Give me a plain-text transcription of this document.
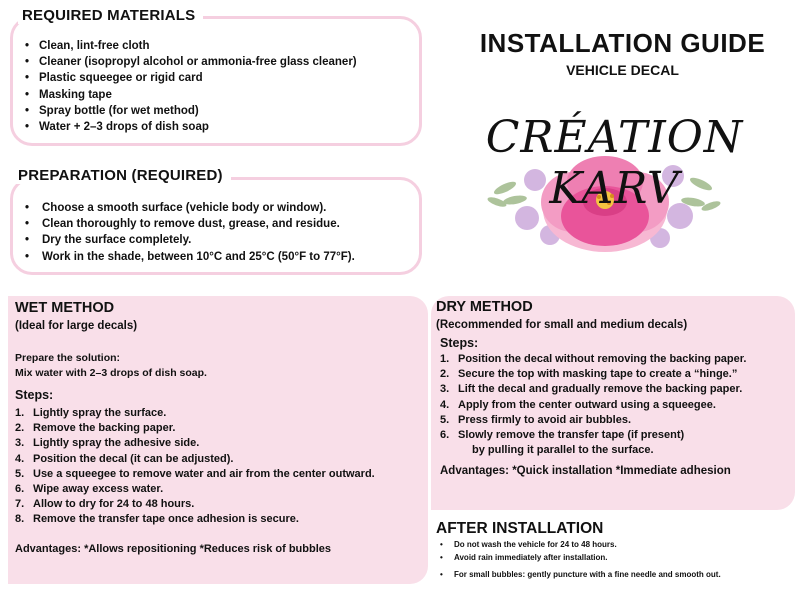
REQUIRED MATERIALS
• Clean, lint-free cloth
• Cleaner (isopropyl alcohol or ammonia-free glass cleaner)
• Plastic squeegee or rigid card
• Masking tape
• Spray bottle (for wet method)
• Water + 2–3 drops of dish soap
PREPARATION (REQUIRED)
• Choose a smooth surface (vehicle body or window).
• Clean thoroughly to remove dust, grease, and residue.
• Dry the surface completely.
• Work in the shade, between 10°C and 25°C (50°F to 77°F).
INSTALLATION GUIDE
VEHICLE DECAL
CRÉATION KARV
WET METHOD
(Ideal for large decals)
Prepare the solution:
Mix water with 2–3 drops of dish soap.
Steps:
1. Lightly spray the surface.
2. Remove the backing paper.
3. Lightly spray the adhesive side.
4. Position the decal (it can be adjusted).
5. Use a squeegee to remove water and air from the center outward.
6. Wipe away excess water.
7. Allow to dry for 24 to 48 hours.
8. Remove the transfer tape once adhesion is secure.
Advantages: *Allows repositioning *Reduces risk of bubbles
DRY METHOD
(Recommended for small and medium decals)
Steps:
1. Position the decal without removing the backing paper.
2. Secure the top with masking tape to create a “hinge.”
3. Lift the decal and gradually remove the backing paper.
4. Apply from the center outward using a squeegee.
5. Press firmly to avoid air bubbles.
6. Slowly remove the transfer tape (if present)
by pulling it parallel to the surface.
Advantages: *Quick installation *Immediate adhesion
AFTER INSTALLATION
• Do not wash the vehicle for 24 to 48 hours.
• Avoid rain immediately after installation.
• For small bubbles: gently puncture with a fine needle and smooth out.
